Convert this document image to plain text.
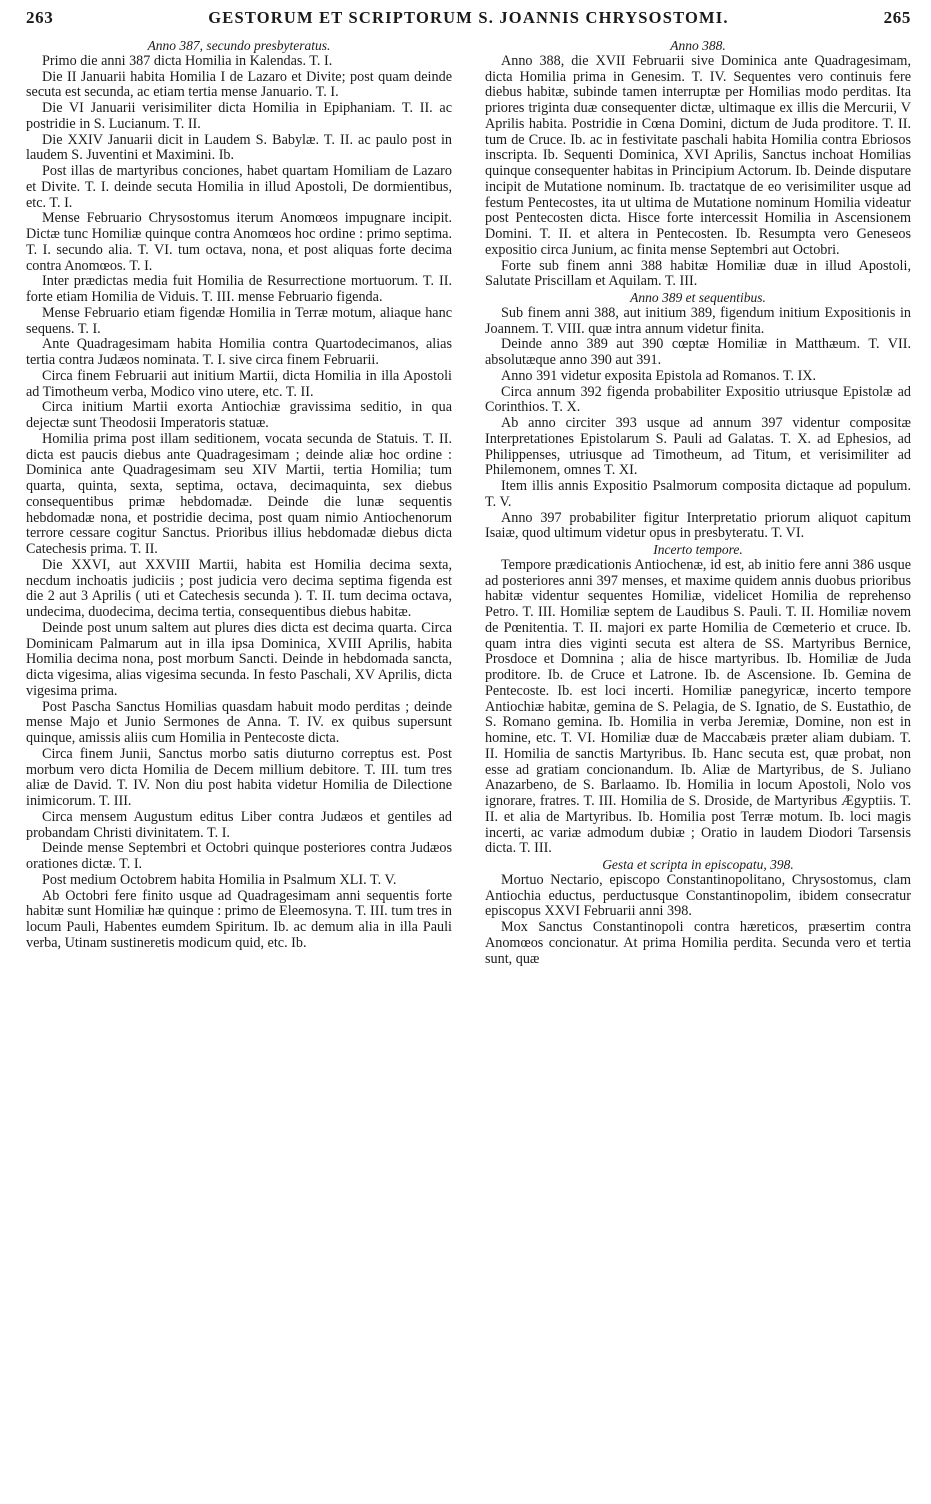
263	GESTORUM ET SCRIPTORUM S. JOANNIS CHRYSOSTOMI.	265

Anno 387, secundo presbyteratus.

Primo die anni 387 dicta Homilia in Kalendas. T. I.

Die II Januarii habita Homilia I de Lazaro et Divite; post quam deinde secuta est secunda, ac etiam tertia mense Januario. T. I.

Die VI Januarii verisimiliter dicta Homilia in Epiphaniam. T. II. ac postridie in S. Lucianum. T. II.

Die XXIV Januarii dicit in Laudem S. Babylæ. T. II. ac paulo post in laudem S. Juventini et Maximini. Ib.

Post illas de martyribus conciones, habet quartam Homiliam de Lazaro et Divite. T. I. deinde secuta Homilia in illud Apostoli, De dormientibus, etc. T. I.

Mense Februario Chrysostomus iterum Anomœos impugnare incipit. Dictæ tunc Homiliæ quinque contra Anomœos hoc ordine : primo septima. T. I. secundo alia. T. VI. tum octava, nona, et post aliquas forte decima contra Anomœos. T. I.

Inter prædictas media fuit Homilia de Resurrectione mortuorum. T. II. forte etiam Homilia de Viduis. T. III. mense Februario figenda.

Mense Februario etiam figendæ Homilia in Terræ motum, aliaque hanc sequens. T. I.

Ante Quadragesimam habita Homilia contra Quartodecimanos, alias tertia contra Judæos nominata. T. I. sive circa finem Februarii.

Circa finem Februarii aut initium Martii, dicta Homilia in illa Apostoli ad Timotheum verba, Modico vino utere, etc. T. II.

Circa initium Martii exorta Antiochiæ gravissima seditio, in qua dejectæ sunt Theodosii Imperatoris statuæ.

Homilia prima post illam seditionem, vocata secunda de Statuis. T. II. dicta est paucis diebus ante Quadragesimam ; deinde aliæ hoc ordine : Dominica ante Quadragesimam seu XIV Martii, tertia Homilia; tum quarta, quinta, sexta, septima, octava, decimaquinta, sex diebus consequentibus primæ hebdomadæ. Deinde die lunæ sequentis hebdomadæ nona, et postridie decima, post quam nimio Antiochenorum terrore cessare cogitur Sanctus. Prioribus illius hebdomadæ diebus dicta Catechesis prima. T. II.

Die XXVI, aut XXVIII Martii, habita est Homilia decima sexta, necdum inchoatis judiciis ; post judicia vero decima septima figenda est die 2 aut 3 Aprilis ( uti et Catechesis secunda ). T. II. tum decima octava, undecima, duodecima, decima tertia, consequentibus diebus habitæ.

Deinde post unum saltem aut plures dies dicta est decima quarta. Circa Dominicam Palmarum aut in illa ipsa Dominica, XVIII Aprilis, habita Homilia decima nona, post morbum Sancti. Deinde in hebdomada sancta, dicta vigesima, alias vigesima secunda. In festo Paschali, XV Aprilis, dicta vigesima prima.

Post Pascha Sanctus Homilias quasdam habuit modo perditas ; deinde mense Majo et Junio Sermones de Anna. T. IV. ex quibus supersunt quinque, amissis aliis cum Homilia in Pentecoste dicta.

Circa finem Junii, Sanctus morbo satis diuturno correptus est. Post morbum vero dicta Homilia de Decem millium debitore. T. III. tum tres aliæ de David. T. IV. Non diu post habita videtur Homilia de Dilectione inimicorum. T. III.

Circa mensem Augustum editus Liber contra Judæos et gentiles ad probandam Christi divinitatem. T. I.

Deinde mense Septembri et Octobri quinque posteriores contra Judæos orationes dictæ. T. I.

Post medium Octobrem habita Homilia in Psalmum XLI. T. V.

Ab Octobri fere finito usque ad Quadragesimam anni sequentis forte habitæ sunt Homiliæ hæ quinque : primo de Eleemosyna. T. III. tum tres in locum Pauli, Habentes eumdem Spiritum. Ib. ac demum alia in illa Pauli verba, Utinam sustineretis modicum quid, etc. Ib.

Anno 388.

Anno 388, die XVII Februarii sive Dominica ante Quadragesimam, dicta Homilia prima in Genesim. T. IV. Sequentes vero continuis fere diebus habitæ, subinde tamen interruptæ per Homilias modo perditas. Ita priores triginta duæ consequenter dictæ, ultimaque ex illis die Mercurii, V Aprilis habita. Postridie in Cœna Domini, dictum de Juda proditore. T. II. tum de Cruce. Ib. ac in festivitate paschali habita Homilia contra Ebriosos inscripta. Ib. Sequenti Dominica, XVI Aprilis, Sanctus inchoat Homilias quinque consequenter habitas in Principium Actorum. Ib. Deinde disputare incipit de Mutatione nominum. Ib. tractatque de eo verisimiliter usque ad festum Pentecostes, ita ut ultima de Mutatione nominum Homilia videatur post Pentecosten dicta. Hisce forte intercessit Homilia in Ascensionem Domini. T. II. et altera in Pentecosten. Ib. Resumpta vero Geneseos expositio circa Junium, ac finita mense Septembri aut Octobri.

Forte sub finem anni 388 habitæ Homiliæ duæ in illud Apostoli, Salutate Priscillam et Aquilam. T. III.

Anno 389 et sequentibus.

Sub finem anni 388, aut initium 389, figendum initium Expositionis in Joannem. T. VIII. quæ intra annum videtur finita.

Deinde anno 389 aut 390 cœptæ Homiliæ in Matthæum. T. VII. absolutæque anno 390 aut 391.

Anno 391 videtur exposita Epistola ad Romanos. T. IX.

Circa annum 392 figenda probabiliter Expositio utriusque Epistolæ ad Corinthios. T. X.

Ab anno circiter 393 usque ad annum 397 videntur compositæ Interpretationes Epistolarum S. Pauli ad Galatas. T. X. ad Ephesios, ad Philippenses, utriusque ad Timotheum, ad Titum, et verisimiliter ad Philemonem, omnes T. XI.

Item illis annis Expositio Psalmorum composita dictaque ad populum. T. V.

Anno 397 probabiliter figitur Interpretatio priorum aliquot capitum Isaiæ, quod ultimum videtur opus in presbyteratu. T. VI.

Incerto tempore.

Tempore prædicationis Antiochenæ, id est, ab initio fere anni 386 usque ad posteriores anni 397 menses, et maxime quidem annis duobus prioribus habitæ videntur sequentes Homiliæ, videlicet Homilia de reprehenso Petro. T. III. Homiliæ septem de Laudibus S. Pauli. T. II. Homiliæ novem de Pœnitentia. T. II. majori ex parte Homilia de Cœmeterio et cruce. Ib. quam intra dies viginti secuta est altera de SS. Martyribus Bernice, Prosdoce et Domnina ; alia de hisce martyribus. Ib. Homiliæ de Juda proditore. Ib. de Cruce et Latrone. Ib. de Ascensione. Ib. Gemina de Pentecoste. Ib. est loci incerti. Homiliæ panegyricæ, incerto tempore Antiochiæ habitæ, gemina de S. Pelagia, de S. Ignatio, de S. Eustathio, de S. Romano gemina. Ib. Homilia in verba Jeremiæ, Domine, non est in homine, etc. T. VI. Homiliæ duæ de Maccabæis præter aliam dubiam. T. II. Homilia de sanctis Martyribus. Ib. Hanc secuta est, quæ probat, non esse ad gratiam concionandum. Ib. Aliæ de Martyribus, de S. Juliano Anazarbeno, de S. Barlaamo. Ib. Homilia in locum Apostoli, Nolo vos ignorare, fratres. T. III. Homilia de S. Droside, de Martyribus Ægyptiis. T. II. et alia de Martyribus. Ib. Homilia post Terræ motum. Ib. loci magis incerti, ac variæ admodum dubiæ ; Oratio in laudem Diodori Tarsensis dicta. T. III.

Gesta et scripta in episcopatu, 398.

Mortuo Nectario, episcopo Constantinopolitano, Chrysostomus, clam Antiochia eductus, perductusque Constantinopolim, ibidem consecratur episcopus XXVI Februarii anni 398.

Mox Sanctus Constantinopoli contra hæreticos, præsertim contra Anomœos concionatur. At prima Homilia perdita. Secunda vero et tertia sunt, quæ
